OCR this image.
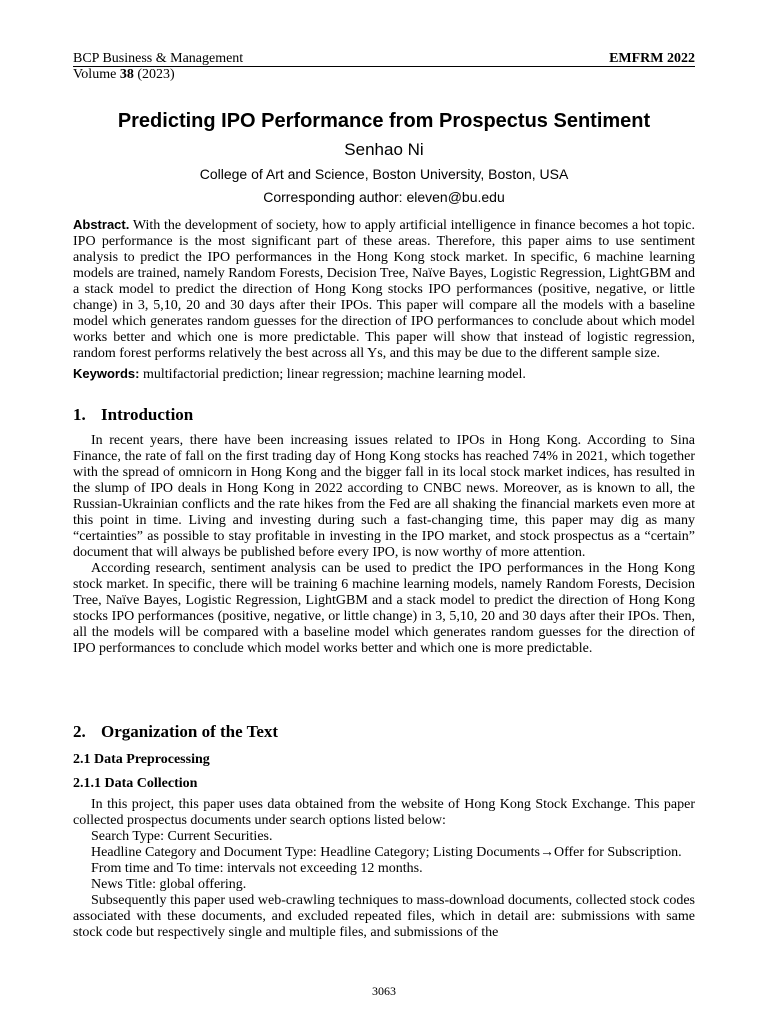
BCP Business & Management	EMFRM 2022
Volume 38 (2023)
Predicting IPO Performance from Prospectus Sentiment
Senhao Ni
College of Art and Science, Boston University, Boston, USA
Corresponding author: eleven@bu.edu
Abstract. With the development of society, how to apply artificial intelligence in finance becomes a hot topic. IPO performance is the most significant part of these areas. Therefore, this paper aims to use sentiment analysis to predict the IPO performances in the Hong Kong stock market. In specific, 6 machine learning models are trained, namely Random Forests, Decision Tree, Naïve Bayes, Logistic Regression, LightGBM and a stack model to predict the direction of Hong Kong stocks IPO performances (positive, negative, or little change) in 3, 5,10, 20 and 30 days after their IPOs. This paper will compare all the models with a baseline model which generates random guesses for the direction of IPO performances to conclude about which model works better and which one is more predictable. This paper will show that instead of logistic regression, random forest performs relatively the best across all Ys, and this may be due to the different sample size.
Keywords: multifactorial prediction; linear regression; machine learning model.
1. Introduction

In recent years, there have been increasing issues related to IPOs in Hong Kong. According to Sina Finance, the rate of fall on the first trading day of Hong Kong stocks has reached 74% in 2021, which together with the spread of omnicorn in Hong Kong and the bigger fall in its local stock market indices, has resulted in the slump of IPO deals in Hong Kong in 2022 according to CNBC news. Moreover, as is known to all, the Russian-Ukrainian conflicts and the rate hikes from the Fed are all shaking the financial markets even more at this point in time. Living and investing during such a fast-changing time, this paper may dig as many “certainties” as possible to stay profitable in investing in the IPO market, and stock prospectus as a “certain” document that will always be published before every IPO, is now worthy of more attention.

According research, sentiment analysis can be used to predict the IPO performances in the Hong Kong stock market. In specific, there will be training 6 machine learning models, namely Random Forests, Decision Tree, Naïve Bayes, Logistic Regression, LightGBM and a stack model to predict the direction of Hong Kong stocks IPO performances (positive, negative, or little change) in 3, 5,10, 20 and 30 days after their IPOs. Then, all the models will be compared with a baseline model which generates random guesses for the direction of IPO performances to conclude which model works better and which one is more predictable.

2. Organization of the Text
2.1 Data Preprocessing
2.1.1 Data Collection

In this project, this paper uses data obtained from the website of Hong Kong Stock Exchange. This paper collected prospectus documents under search options listed below:

Search Type: Current Securities.

Headline Category and Document Type: Headline Category; Listing Documents→Offer for Subscription.

From time and To time: intervals not exceeding 12 months.

News Title: global offering.

Subsequently this paper used web-crawling techniques to mass-download documents, collected stock codes associated with these documents, and excluded repeated files, which in detail are: submissions with same stock code but respectively single and multiple files, and submissions of the

3063
